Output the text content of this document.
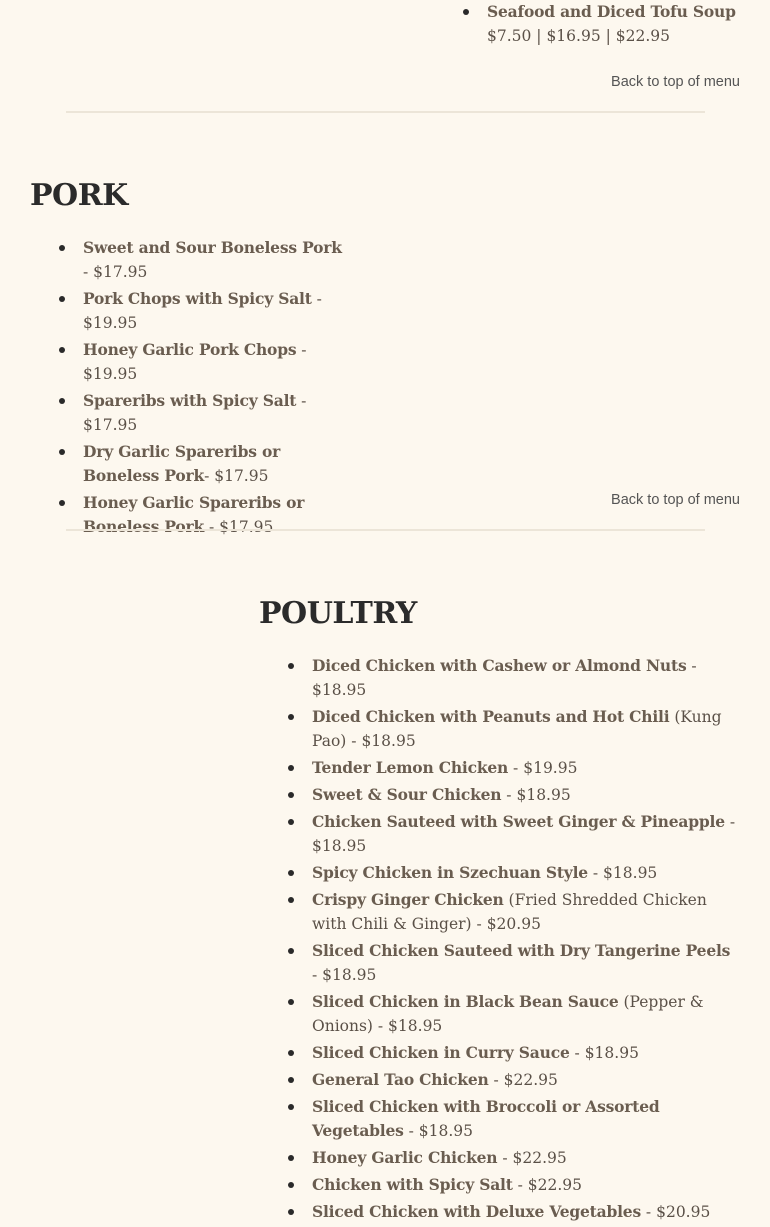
Seafood and Diced Tofu Soup
$7.50 | $16.95 | $22.95
Back to top of menu
PORK
Sweet and Sour Boneless Pork - $17.95
Pork Chops with Spicy Salt - $19.95
Honey Garlic Pork Chops - $19.95
Spareribs with Spicy Salt - $17.95
Dry Garlic Spareribs or Boneless Pork- $17.95
Honey Garlic Spareribs or Boneless Pork - $17.95
Back to top of menu
POULTRY
Diced Chicken with Cashew or Almond Nuts - $18.95
Diced Chicken with Peanuts and Hot Chili (Kung Pao) - $18.95
Tender Lemon Chicken - $19.95
Sweet & Sour Chicken - $18.95
Chicken Sauteed with Sweet Ginger & Pineapple - $18.95
Spicy Chicken in Szechuan Style - $18.95
Crispy Ginger Chicken (Fried Shredded Chicken with Chili & Ginger) - $20.95
Sliced Chicken Sauteed with Dry Tangerine Peels - $18.95
Sliced Chicken in Black Bean Sauce (Pepper & Onions) - $18.95
Sliced Chicken in Curry Sauce - $18.95
General Tao Chicken - $22.95
Sliced Chicken with Broccoli or Assorted Vegetables - $18.95
Honey Garlic Chicken - $22.95
Chicken with Spicy Salt - $22.95
Sliced Chicken with Deluxe Vegetables - $20.95
